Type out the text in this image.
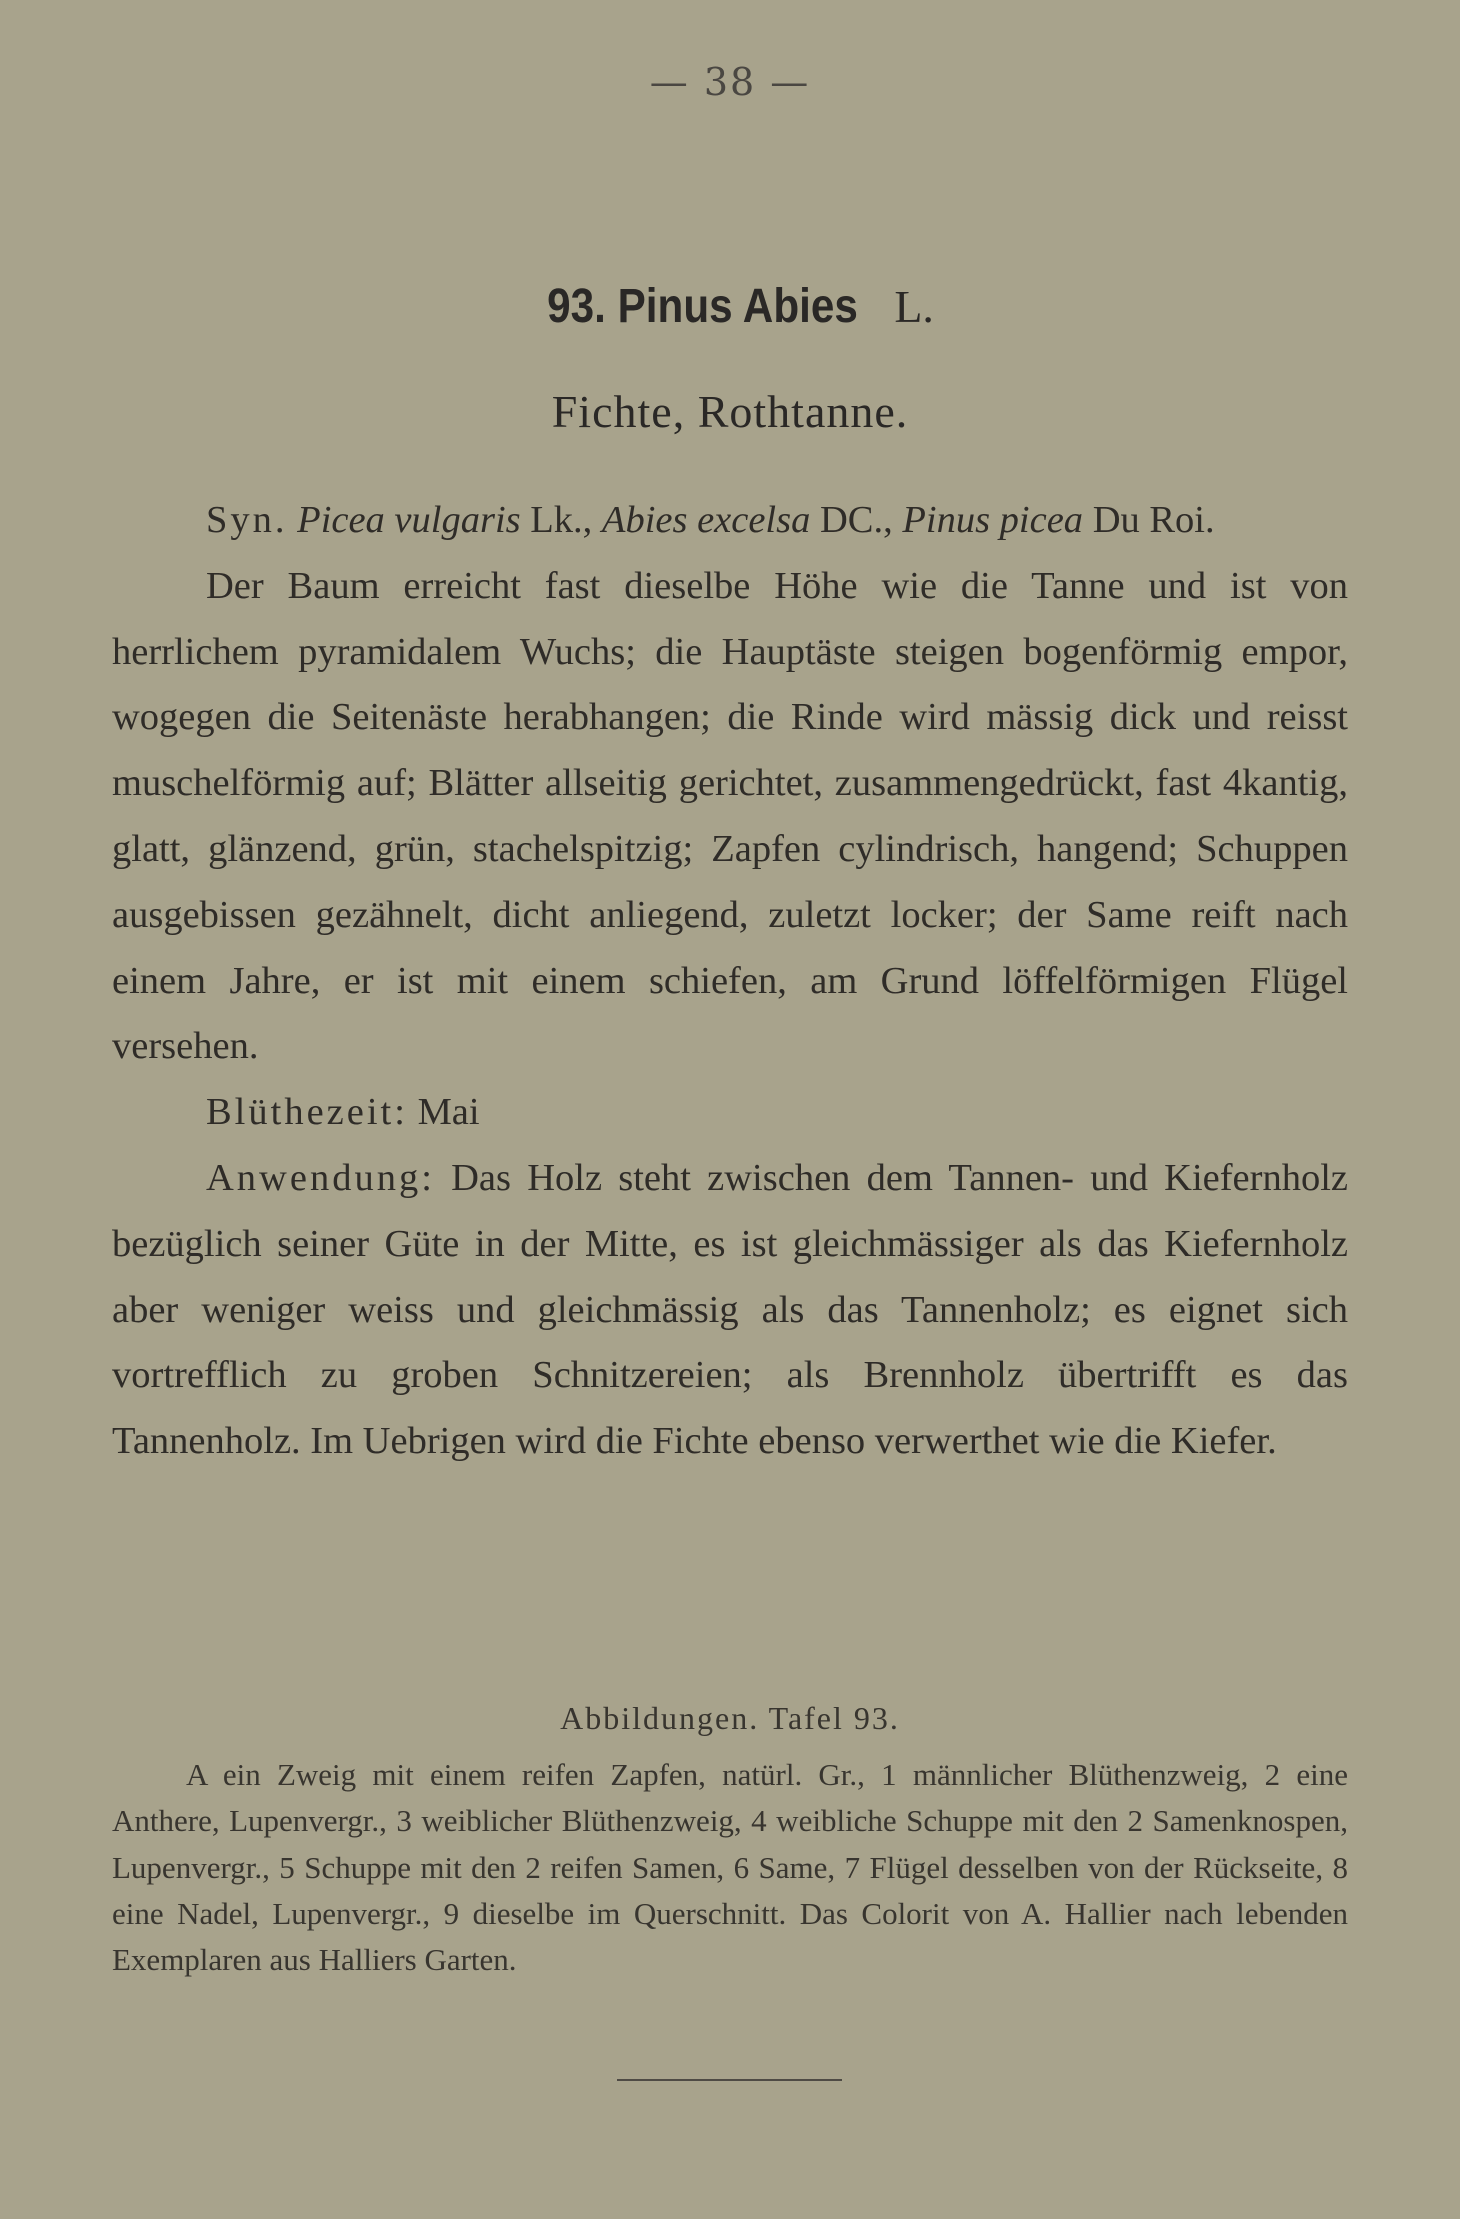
— 38 —
93. Pinus Abies L.
Fichte, Rothtanne.

Syn. Picea vulgaris Lk., Abies excelsa DC., Pinus picea Du Roi.

Der Baum erreicht fast dieselbe Höhe wie die Tanne und ist von herrlichem pyramidalem Wuchs; die Hauptäste steigen bogenförmig empor, wogegen die Seitenäste herabhangen; die Rinde wird mässig dick und reisst muschelförmig auf; Blätter allseitig gerichtet, zusammengedrückt, fast 4kantig, glatt, glänzend, grün, stachelspitzig; Zapfen cylindrisch, hangend; Schuppen ausgebissen gezähnelt, dicht anliegend, zuletzt locker; der Same reift nach einem Jahre, er ist mit einem schiefen, am Grund löffelförmigen Flügel versehen.

Blüthezeit: Mai

Anwendung: Das Holz steht zwischen dem Tannen- und Kiefernholz bezüglich seiner Güte in der Mitte, es ist gleichmässiger als das Kiefernholz aber weniger weiss und gleichmässig als das Tannenholz; es eignet sich vortrefflich zu groben Schnitzereien; als Brennholz übertrifft es das Tannenholz. Im Uebrigen wird die Fichte ebenso verwerthet wie die Kiefer.

Abbildungen. Tafel 93.

A ein Zweig mit einem reifen Zapfen, natürl. Gr., 1 männlicher Blüthenzweig, 2 eine Anthere, Lupenvergr., 3 weiblicher Blüthenzweig, 4 weibliche Schuppe mit den 2 Samenknospen, Lupenvergr., 5 Schuppe mit den 2 reifen Samen, 6 Same, 7 Flügel desselben von der Rückseite, 8 eine Nadel, Lupenvergr., 9 dieselbe im Querschnitt. Das Colorit von A. Hallier nach lebenden Exemplaren aus Halliers Garten.
